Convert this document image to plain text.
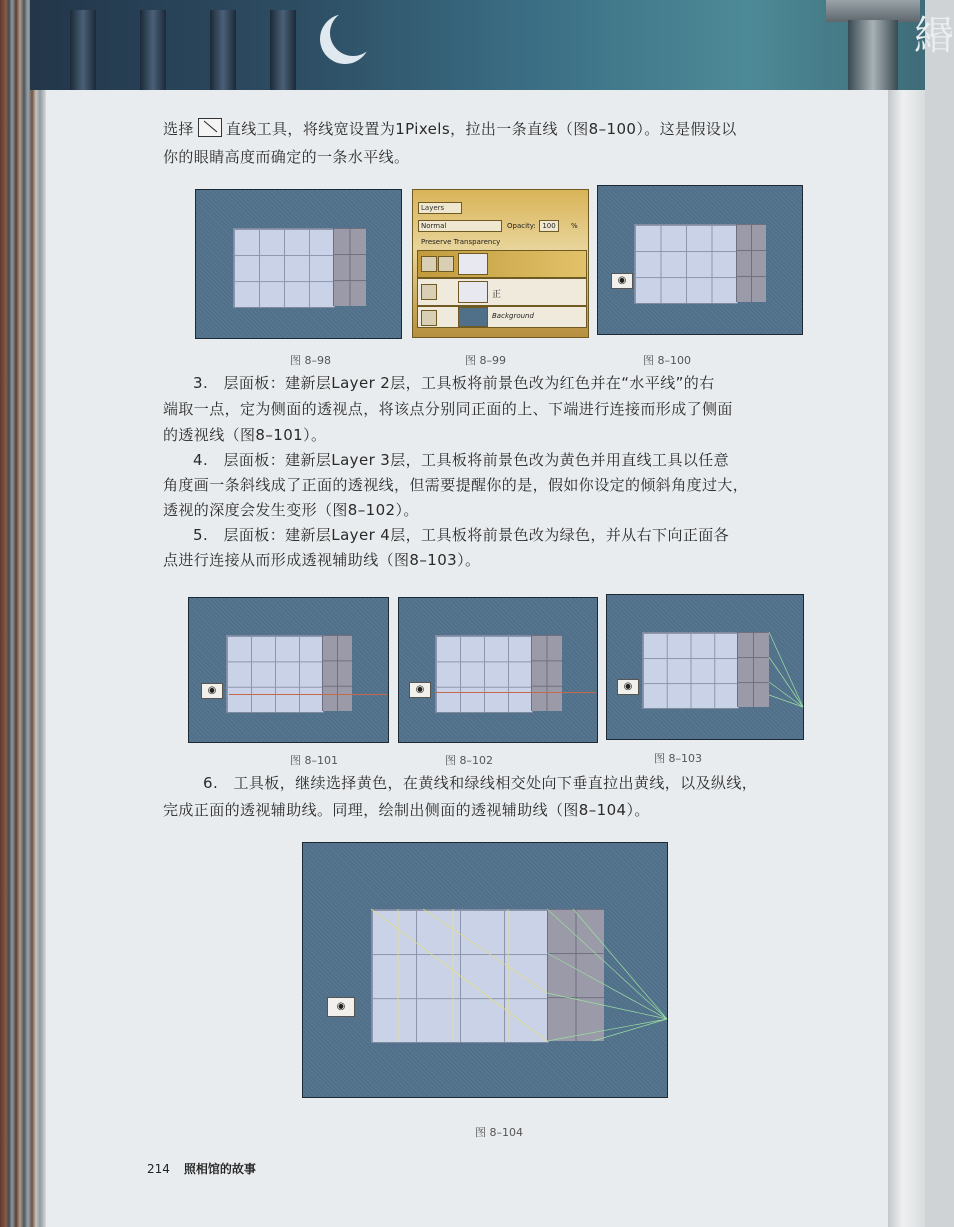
緡

选择 直线工具，将线宽设置为1Pixels，拉出一条直线（图8–100）。这是假设以

你的眼睛高度而确定的一条水平线。

Layers
Normal	Opacity: 100	%
Preserve Transparency
正
Background
◉
图 8–98	图 8–99	图 8–100

3.　层面板：建新层Layer 2层，工具板将前景色改为红色并在“水平线”的右

端取一点，定为侧面的透视点，将该点分别同正面的上、下端进行连接而形成了侧面

的透视线（图8–101）。

4.　层面板：建新层Layer 3层，工具板将前景色改为黄色并用直线工具以任意

角度画一条斜线成了正面的透视线，但需要提醒你的是，假如你设定的倾斜角度过大，

透视的深度会发生变形（图8–102）。

5.　层面板：建新层Layer 4层，工具板将前景色改为绿色，并从右下向正面各

点进行连接从而形成透视辅助线（图8–103）。

◉	◉	◉
图 8–101	图 8–102	图 8–103

6.　工具板，继续选择黄色，在黄线和绿线相交处向下垂直拉出黄线，以及纵线，

完成正面的透视辅助线。同理，绘制出侧面的透视辅助线（图8–104）。

◉
图 8–104
214 照相馆的故事
